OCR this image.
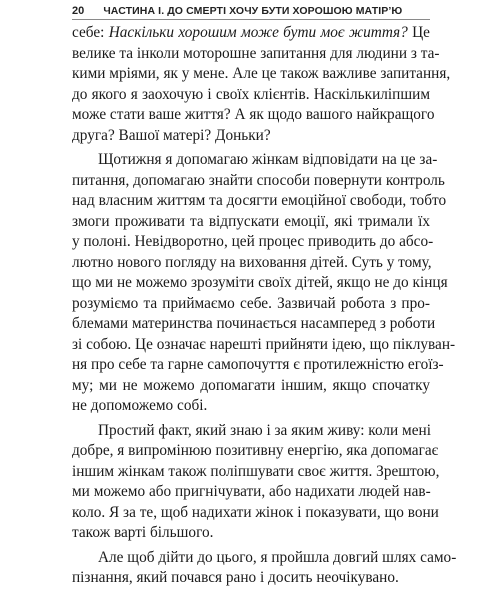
20 ЧАСТИНА І. ДО СМЕРТІ ХОЧУ БУТИ ХОРОШОЮ МАТІР’Ю
себе: Наскільки хорошим може бути моє життя? Це
велике та інколи моторошне запитання для людини з та-
кими мріями, як у мене. Але це також важливе запитання,
до якого я заохочую і своїх клієнтів. Наскількиліпшим
може стати ваше життя? А як щодо вашого найкращого
друга? Вашої матері? Доньки?
Щотижня я допомагаю жінкам відповідати на це за-
питання, допомагаю знайти способи повернути контроль
над власним життям та досягти емоційної свободи, тобто
змоги проживати та відпускати емоції, які тримали їх
у полоні. Невідворотно, цей процес приводить до абсо-
лютно нового погляду на виховання дітей. Суть у тому,
що ми не можемо зрозуміти своїх дітей, якщо не до кінця
розуміємо та приймаємо себе. Зазвичай робота з про-
блемами материнства починається насамперед з роботи
зі собою. Це означає нарешті прийняти ідею, що піклуван-
ня про себе та гарне самопочуття є протилежністю егоїз-
му; ми не можемо допомагати іншим, якщо спочатку
не допоможемо собі.
Простий факт, який знаю і за яким живу: коли мені
добре, я випромінюю позитивну енергію, яка допомагає
іншим жінкам також поліпшувати своє життя. Зрештою,
ми можемо або пригнічувати, або надихати людей нав-
коло. Я за те, щоб надихати жінок і показувати, що вони
також варті більшого.
Але щоб дійти до цього, я пройшла довгий шлях само-
пізнання, який почався рано і досить неочікувано.
